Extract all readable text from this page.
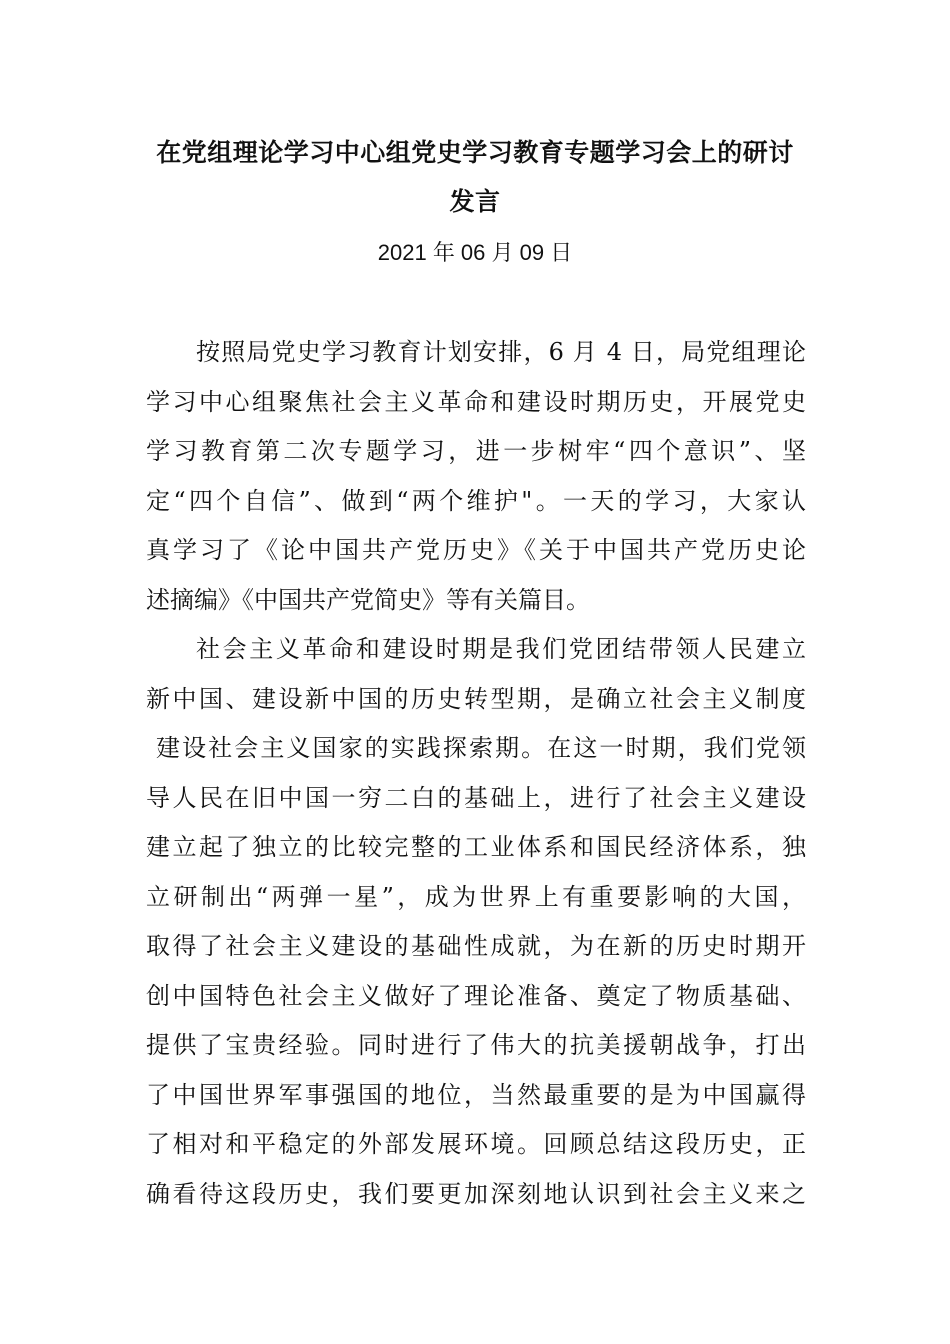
在党组理论学习中心组党史学习教育专题学习会上的研讨
发言
2021 年 06 月 09 日
按照局党史学习教育计划安排，6 月 4 日，局党组理论
学习中心组聚焦社会主义革命和建设时期历史，开展党史
学习教育第二次专题学习，进一步树牢“四个意识”、坚
定“四个自信”、做到“两个维护"。一天的学习，大家认
真学习了《论中国共产党历史》《关于中国共产党历史论
述摘编》《中国共产党简史》等有关篇目。
社会主义革命和建设时期是我们党团结带领人民建立
新中国、建设新中国的历史转型期，是确立社会主义制度
建设社会主义国家的实践探索期。在这一时期，我们党领
导人民在旧中国一穷二白的基础上，进行了社会主义建设
建立起了独立的比较完整的工业体系和国民经济体系，独
立研制出“两弹一星”，成为世界上有重要影响的大国，
取得了社会主义建设的基础性成就，为在新的历史时期开
创中国特色社会主义做好了理论准备、奠定了物质基础、
提供了宝贵经验。同时进行了伟大的抗美援朝战争，打出
了中国世界军事强国的地位，当然最重要的是为中国赢得
了相对和平稳定的外部发展环境。回顾总结这段历史，正
确看待这段历史，我们要更加深刻地认识到社会主义来之
